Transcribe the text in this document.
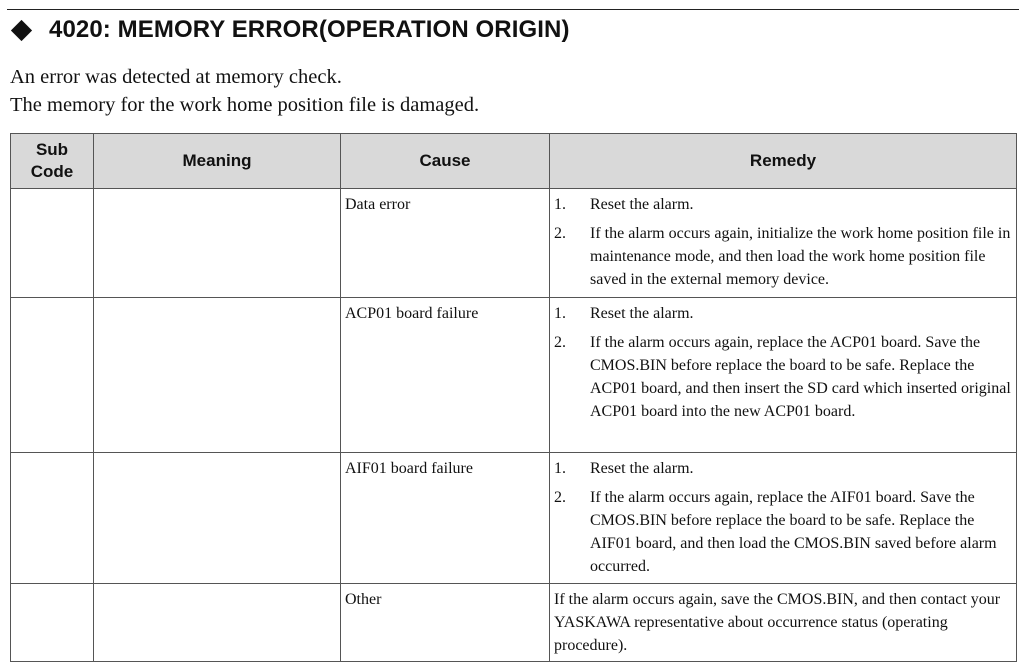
4020: MEMORY ERROR(OPERATION ORIGIN)
An error was detected at memory check.
The memory for the work home position file is damaged.
Sub Code	Meaning	Cause	Remedy
		Data error	1. Reset the alarm.
2. If the alarm occurs again, initialize the work home position file in maintenance mode, and then load the work home position file saved in the external memory device.

		ACP01 board failure	1. Reset the alarm.
2. If the alarm occurs again, replace the ACP01 board. Save the CMOS.BIN before replace the board to be safe. Replace the ACP01 board, and then insert the SD card which inserted original ACP01 board into the new ACP01 board.

		AIF01 board failure	1. Reset the alarm.
2. If the alarm occurs again, replace the AIF01 board. Save the CMOS.BIN before replace the board to be safe. Replace the AIF01 board, and then load the CMOS.BIN saved before alarm occurred.

		Other	If the alarm occurs again, save the CMOS.BIN, and then contact your YASKAWA representative about occurrence status (operating procedure).
